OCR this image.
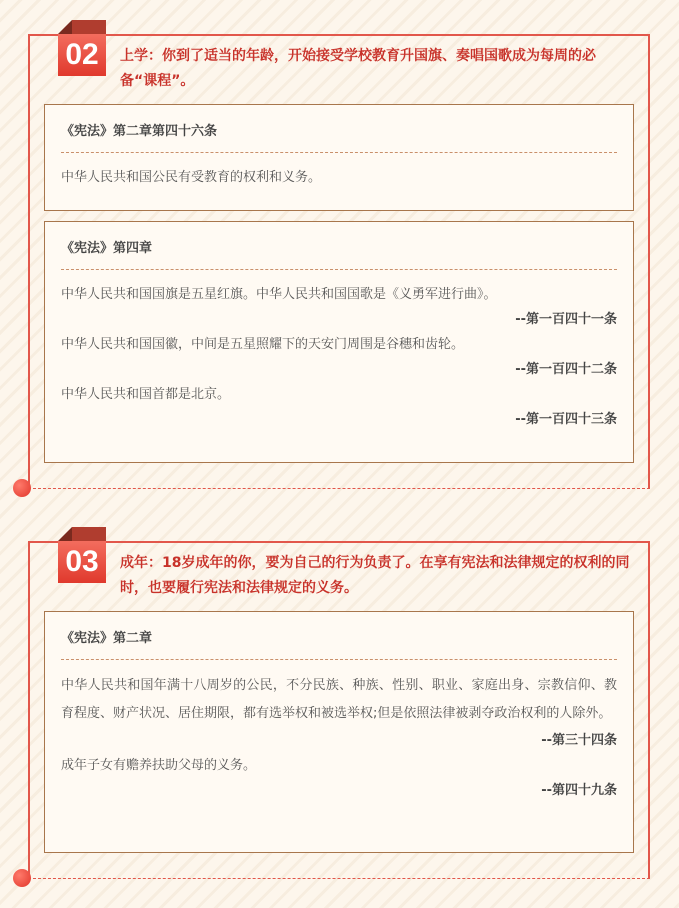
02	上学：你到了适当的年龄，开始接受学校教育升国旗、奏唱国歌成为每周的必备“课程”。

《宪法》第二章第四十六条

中华人民共和国公民有受教育的权利和义务。

《宪法》第四章

中华人民共和国国旗是五星红旗。中华人民共和国国歌是《义勇军进行曲》。

--第一百四十一条

中华人民共和国国徽，中间是五星照耀下的天安门周围是谷穗和齿轮。

--第一百四十二条

中华人民共和国首都是北京。

--第一百四十三条

03	成年：18岁成年的你，要为自己的行为负责了。在享有宪法和法律规定的权利的同时，也要履行宪法和法律规定的义务。

《宪法》第二章

中华人民共和国年满十八周岁的公民，不分民族、种族、性别、职业、家庭出身、宗教信仰、教育程度、财产状况、居住期限，都有选举权和被选举权;但是依照法律被剥夺政治权利的人除外。

--第三十四条

成年子女有赡养扶助父母的义务。

--第四十九条
